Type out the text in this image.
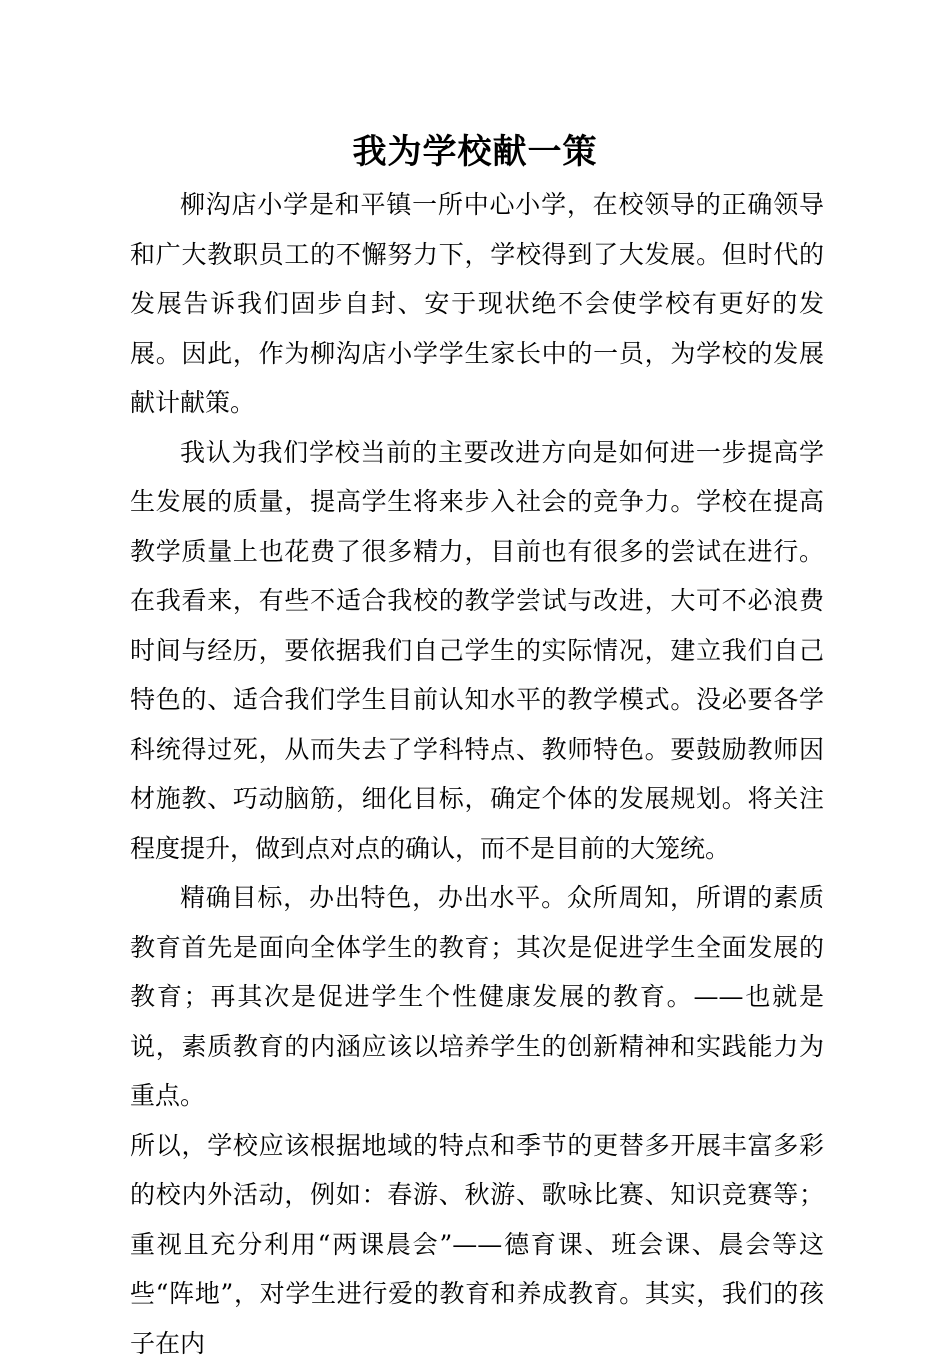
我为学校献一策

柳沟店小学是和平镇一所中心小学，在校领导的正确领导和广大教职员工的不懈努力下，学校得到了大发展。但时代的发展告诉我们固步自封、安于现状绝不会使学校有更好的发展。因此，作为柳沟店小学学生家长中的一员，为学校的发展献计献策。

我认为我们学校当前的主要改进方向是如何进一步提高学生发展的质量，提高学生将来步入社会的竞争力。学校在提高教学质量上也花费了很多精力，目前也有很多的尝试在进行。在我看来，有些不适合我校的教学尝试与改进，大可不必浪费时间与经历，要依据我们自己学生的实际情况，建立我们自己特色的、适合我们学生目前认知水平的教学模式。没必要各学科统得过死，从而失去了学科特点、教师特色。要鼓励教师因材施教、巧动脑筋，细化目标，确定个体的发展规划。将关注程度提升，做到点对点的确认，而不是目前的大笼统。

精确目标，办出特色，办出水平。众所周知，所谓的素质教育首先是面向全体学生的教育；其次是促进学生全面发展的教育；再其次是促进学生个性健康发展的教育。——也就是说，素质教育的内涵应该以培养学生的创新精神和实践能力为重点。

所以，学校应该根据地域的特点和季节的更替多开展丰富多彩的校内外活动，例如：春游、秋游、歌咏比赛、知识竞赛等；重视且充分利用“两课晨会”——德育课、班会课、晨会等这些“阵地”，对学生进行爱的教育和养成教育。其实，我们的孩子在内
